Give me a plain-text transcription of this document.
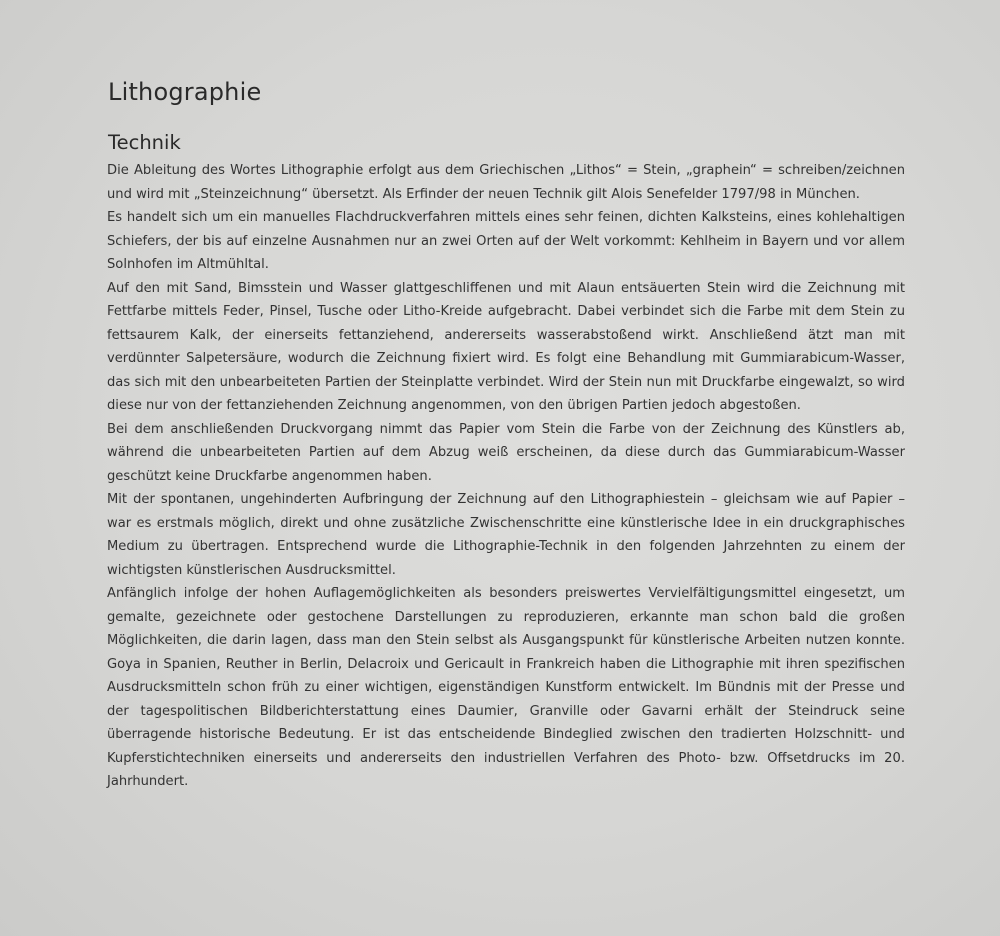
Lithographie
Technik

Die Ableitung des Wortes Lithographie erfolgt aus dem Griechischen „Lithos“ = Stein, „graphein“ = schreiben/zeichnen und wird mit „Steinzeichnung“ übersetzt. Als Erfinder der neuen Technik gilt Alois Senefelder 1797/98 in München.

Es handelt sich um ein manuelles Flachdruckverfahren mittels eines sehr feinen, dichten Kalksteins, eines kohlehaltigen Schiefers, der bis auf einzelne Ausnahmen nur an zwei Orten auf der Welt vorkommt: Kehlheim in Bayern und vor allem Solnhofen im Altmühltal.

Auf den mit Sand, Bimsstein und Wasser glattgeschliffenen und mit Alaun entsäuerten Stein wird die Zeichnung mit Fettfarbe mittels Feder, Pinsel, Tusche oder Litho-Kreide aufgebracht. Dabei verbindet sich die Farbe mit dem Stein zu fettsaurem Kalk, der einerseits fettanziehend, andererseits wasserabstoßend wirkt. Anschließend ätzt man mit verdünnter Salpetersäure, wodurch die Zeichnung fixiert wird. Es folgt eine Behandlung mit Gummiarabicum-Wasser, das sich mit den unbearbeiteten Partien der Steinplatte verbindet. Wird der Stein nun mit Druckfarbe eingewalzt, so wird diese nur von der fettanziehenden Zeichnung angenommen, von den übrigen Partien jedoch abgestoßen.

Bei dem anschließenden Druckvorgang nimmt das Papier vom Stein die Farbe von der Zeichnung des Künstlers ab, während die unbearbeiteten Partien auf dem Abzug weiß erscheinen, da diese durch das Gummiarabicum-Wasser geschützt keine Druckfarbe angenommen haben.

Mit der spontanen, ungehinderten Aufbringung der Zeichnung auf den Lithographiestein – gleichsam wie auf Papier – war es erstmals möglich, direkt und ohne zusätzliche Zwischenschritte eine künstlerische Idee in ein druckgraphisches Medium zu übertragen. Entsprechend wurde die Lithographie-Technik in den folgenden Jahrzehnten zu einem der wichtigsten künstlerischen Ausdrucksmittel.

Anfänglich infolge der hohen Auflagemöglichkeiten als besonders preiswertes Vervielfältigungsmittel eingesetzt, um gemalte, gezeichnete oder gestochene Darstellungen zu reproduzieren, erkannte man schon bald die großen Möglichkeiten, die darin lagen, dass man den Stein selbst als Ausgangspunkt für künstlerische Arbeiten nutzen konnte. Goya in Spanien, Reuther in Berlin, Delacroix und Gericault in Frankreich haben die Lithographie mit ihren spezifischen Ausdrucksmitteln schon früh zu einer wichtigen, eigenständigen Kunstform entwickelt. Im Bündnis mit der Presse und der tagespolitischen Bildberichterstattung eines Daumier, Granville oder Gavarni erhält der Steindruck seine überragende historische Bedeutung. Er ist das entscheidende Bindeglied zwischen den tradierten Holzschnitt- und Kupferstichtechniken einerseits und andererseits den industriellen Verfahren des Photo- bzw. Offsetdrucks im 20. Jahrhundert.
